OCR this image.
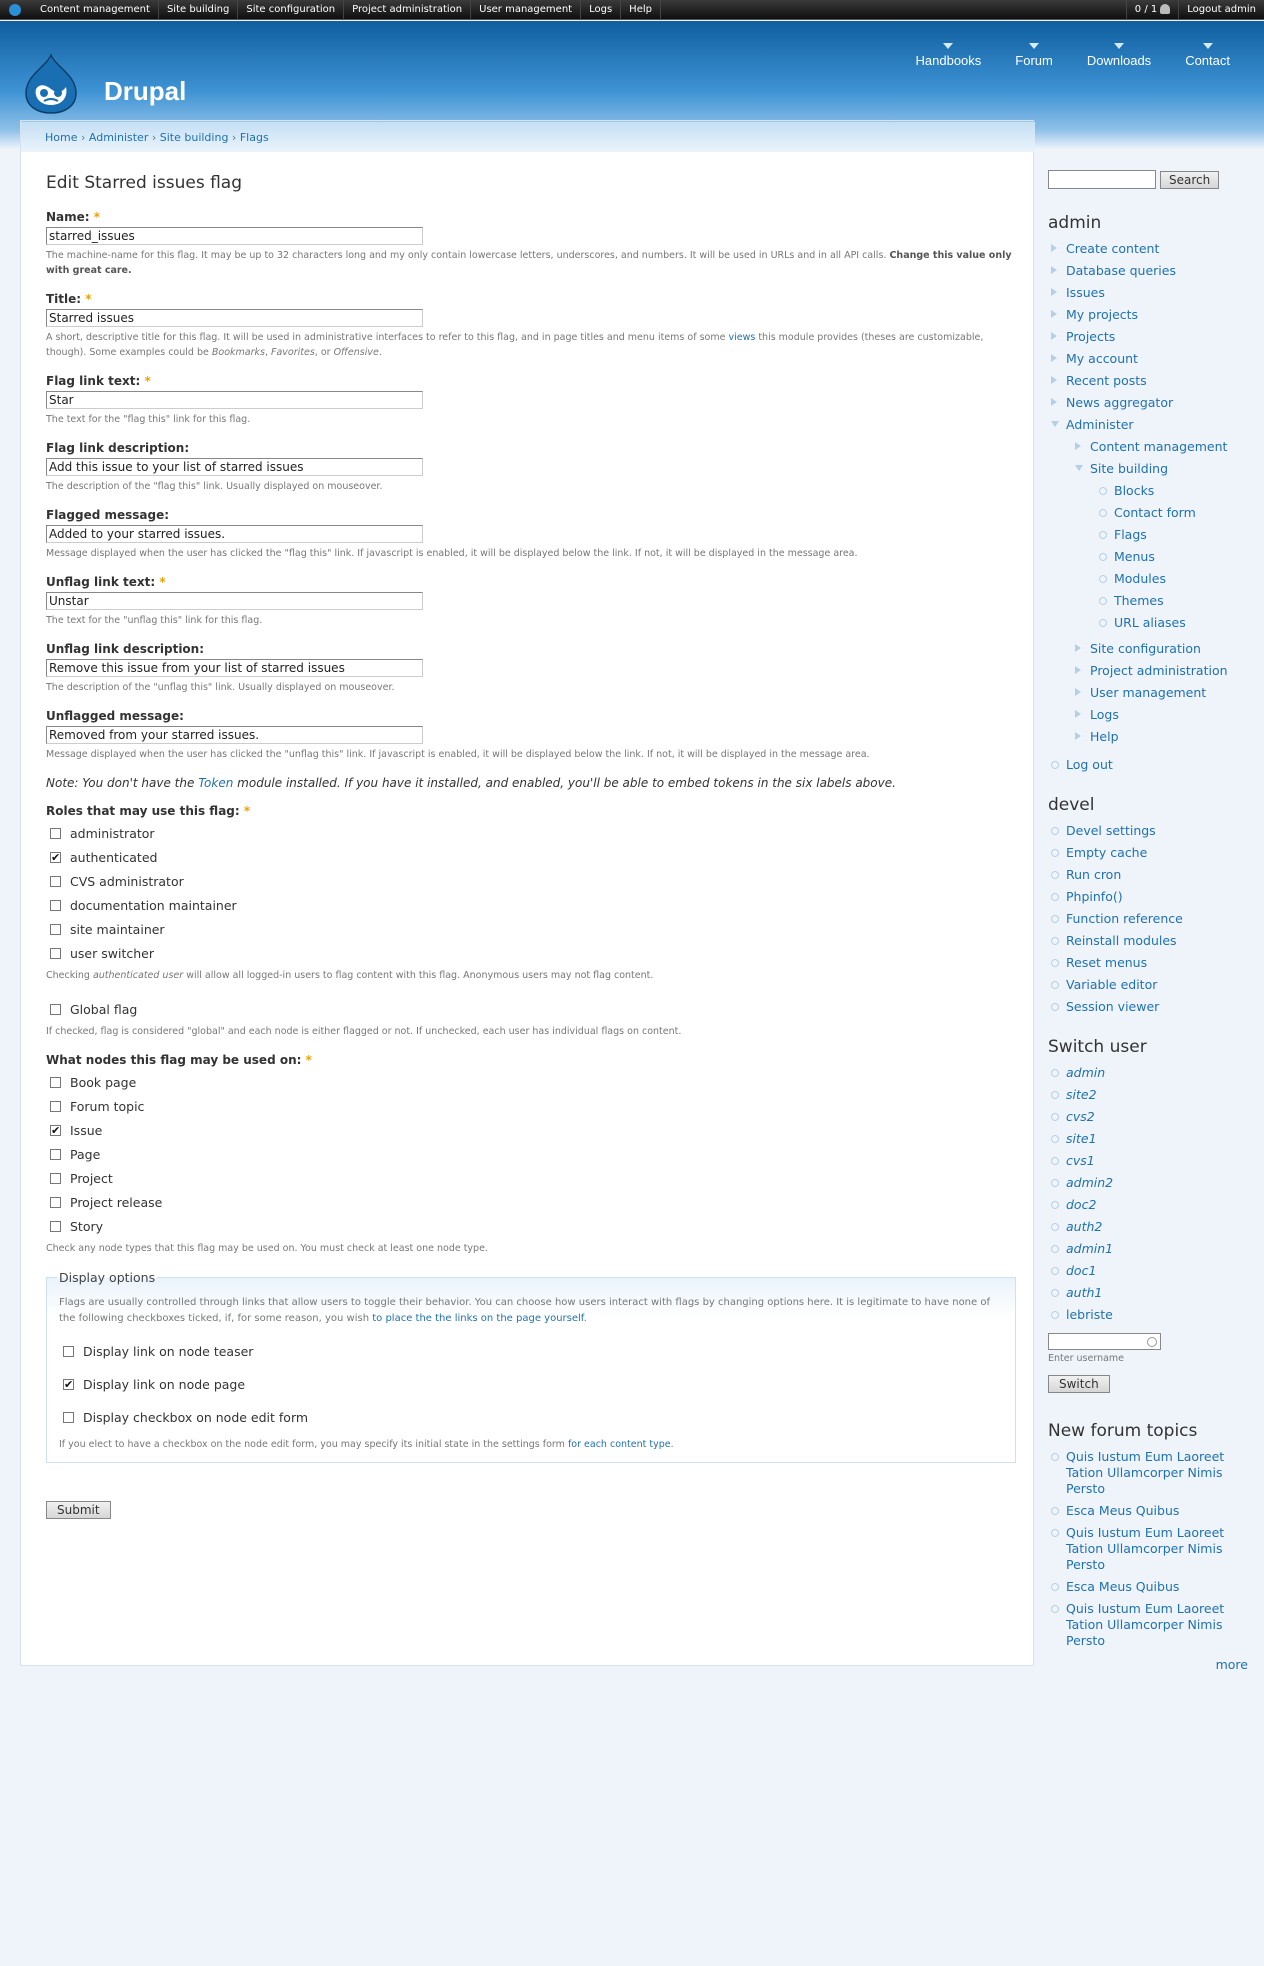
Content management	Site building	Site configuration	Project administration	User management	Logs	Help	0 / 1	Logout admin
Drupal
Handbooks	Forum	Downloads	Contact
Home › Administer › Site building › Flags
Edit Starred issues flag
Name: *
starred_issues
The machine-name for this flag. It may be up to 32 characters long and my only contain lowercase letters, underscores, and numbers. It will be used in URLs and in all API calls. Change this value only with great care.
Title: *
Starred issues
A short, descriptive title for this flag. It will be used in administrative interfaces to refer to this flag, and in page titles and menu items of some views this module provides (theses are customizable, though). Some examples could be Bookmarks, Favorites, or Offensive.
Flag link text: *
Star
The text for the "flag this" link for this flag.
Flag link description:
Add this issue to your list of starred issues
The description of the "flag this" link. Usually displayed on mouseover.
Flagged message:
Added to your starred issues.
Message displayed when the user has clicked the "flag this" link. If javascript is enabled, it will be displayed below the link. If not, it will be displayed in the message area.
Unflag link text: *
Unstar
The text for the "unflag this" link for this flag.
Unflag link description:
Remove this issue from your list of starred issues
The description of the "unflag this" link. Usually displayed on mouseover.
Unflagged message:
Removed from your starred issues.
Message displayed when the user has clicked the "unflag this" link. If javascript is enabled, it will be displayed below the link. If not, it will be displayed in the message area.
Note: You don't have the Token module installed. If you have it installed, and enabled, you'll be able to embed tokens in the six labels above.
Roles that may use this flag: *
administrator
✔ authenticated
CVS administrator
documentation maintainer
site maintainer
user switcher
Checking authenticated user will allow all logged-in users to flag content with this flag. Anonymous users may not flag content.
Global flag
If checked, flag is considered "global" and each node is either flagged or not. If unchecked, each user has individual flags on content.
What nodes this flag may be used on: *
Book page
Forum topic
✔ Issue
Page
Project
Project release
Story
Check any node types that this flag may be used on. You must check at least one node type.
Display options
Flags are usually controlled through links that allow users to toggle their behavior. You can choose how users interact with flags by changing options here. It is legitimate to have none of the following checkboxes ticked, if, for some reason, you wish to place the the links on the page yourself.
Display link on node teaser
✔ Display link on node page
Display checkbox on node edit form
If you elect to have a checkbox on the node edit form, you may specify its initial state in the settings form for each content type.
Submit
Search
admin
Create content
Database queries
Issues
My projects
Projects
My account
Recent posts
News aggregator
Administer
Content management
Site building
Blocks
Contact form
Flags
Menus
Modules
Themes
URL aliases
Site configuration
Project administration
User management
Logs
Help
Log out
devel
Devel settings
Empty cache
Run cron
Phpinfo()
Function reference
Reinstall modules
Reset menus
Variable editor
Session viewer
Switch user
admin
site2
cvs2
site1
cvs1
admin2
doc2
auth2
admin1
doc1
auth1
lebriste
Enter username
Switch
New forum topics
Quis Iustum Eum Laoreet Tation Ullamcorper Nimis Persto
Esca Meus Quibus
Quis Iustum Eum Laoreet Tation Ullamcorper Nimis Persto
Esca Meus Quibus
Quis Iustum Eum Laoreet Tation Ullamcorper Nimis Persto
more
